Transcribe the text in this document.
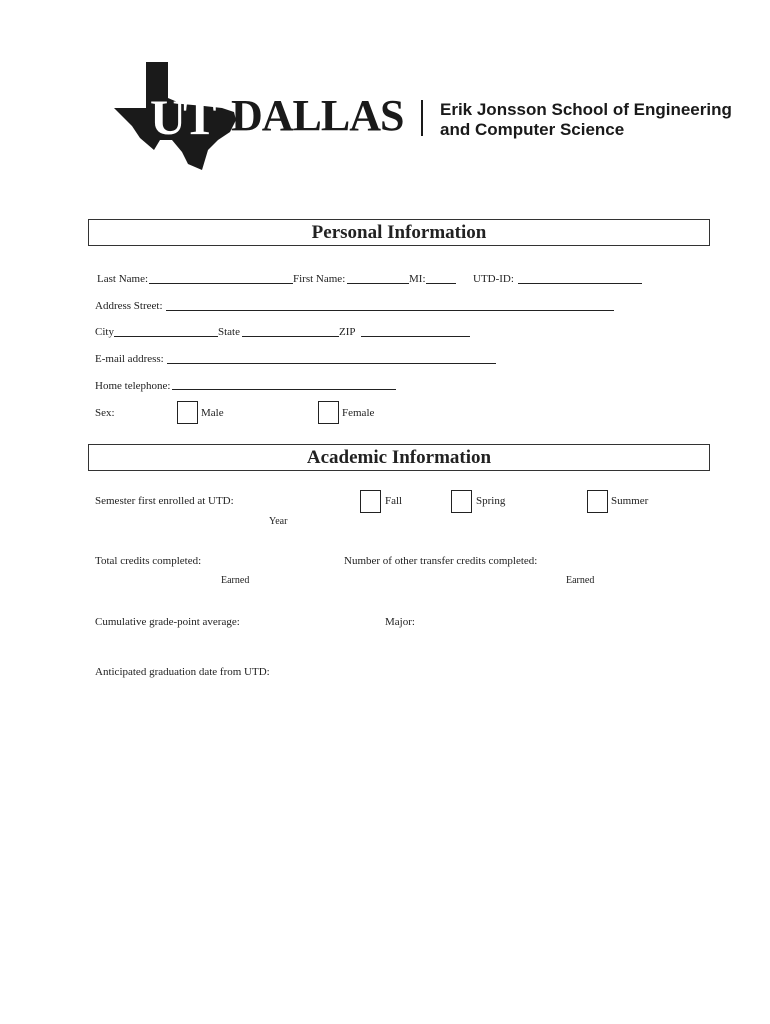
UT DALLAS Erik Jonsson School of Engineering
and Computer Science
Personal Information
Last Name:	First Name:	MI:	UTD-ID:
Address Street:
City	State	ZIP
E-mail address:
Home telephone:
Sex:	Male	Female
Academic Information
Semester first enrolled at UTD:	Fall	Spring	Summer
Year
Total credits completed:
Earned
Number of other transfer credits completed:
Earned
Cumulative grade-point average:	Major:
Anticipated graduation date from UTD:
